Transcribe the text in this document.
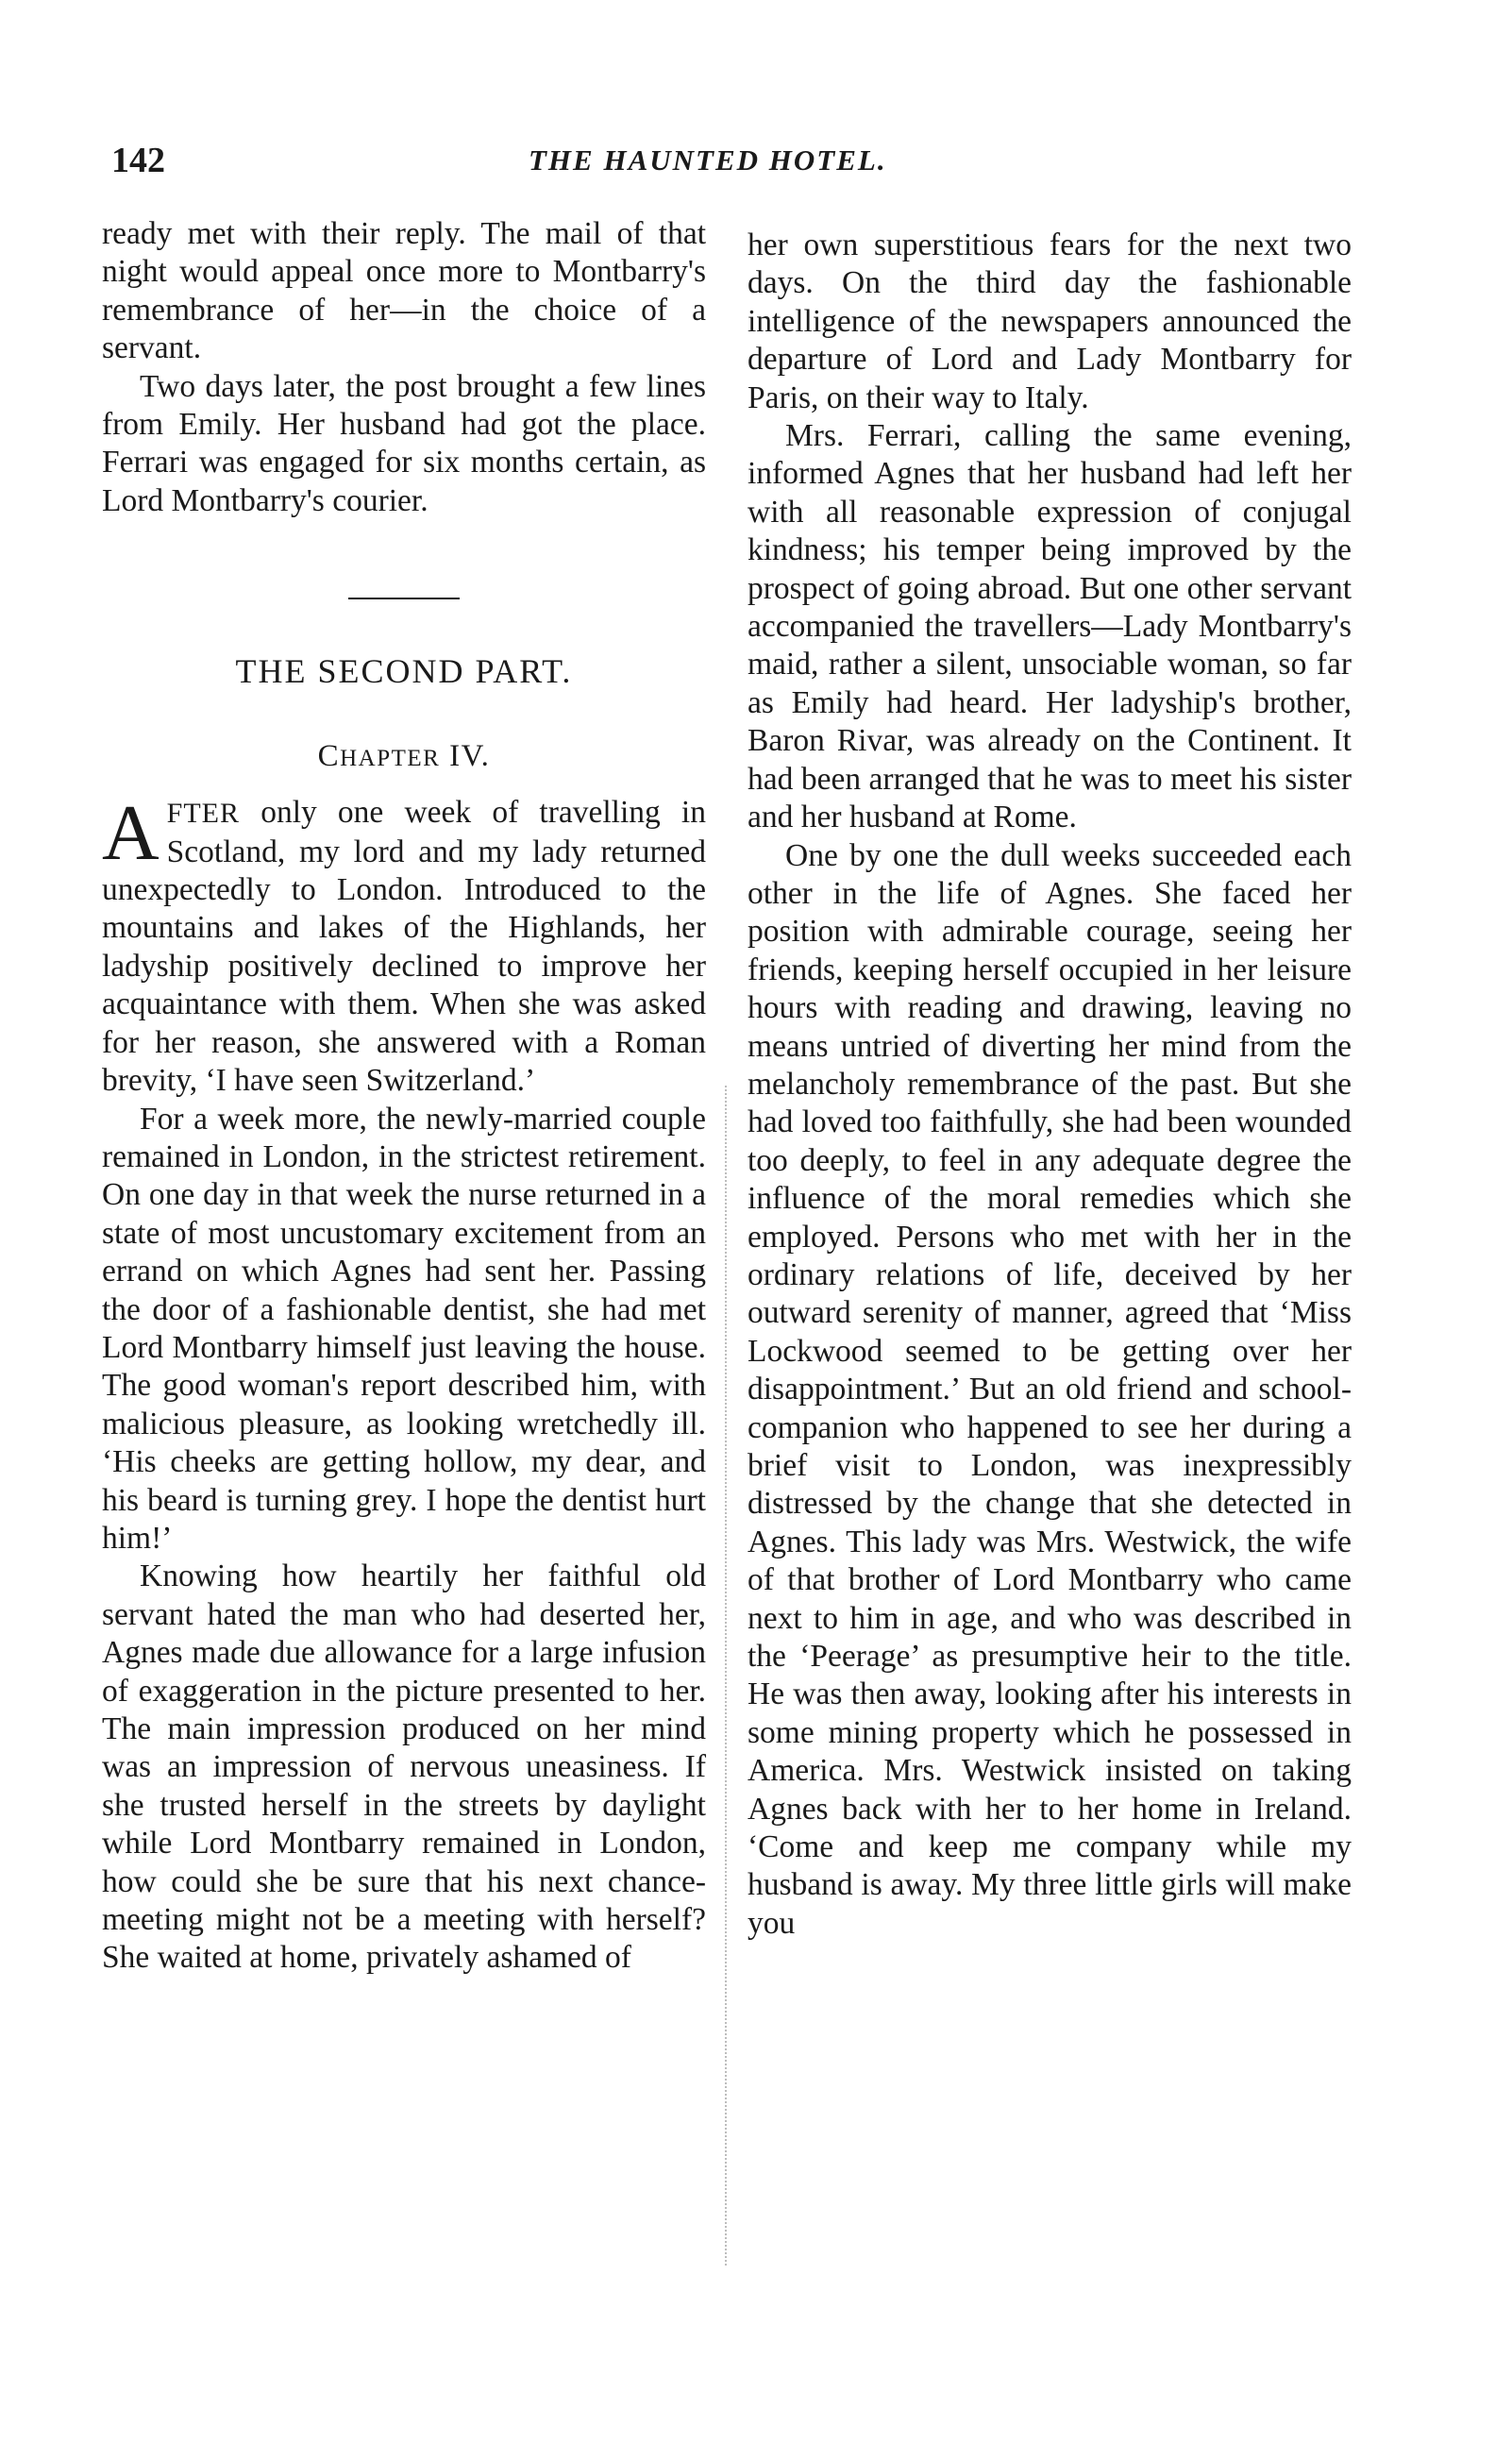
142	THE HAUNTED HOTEL.

ready met with their reply. The mail of that night would appeal once more to Montbarry's remembrance of her—in the choice of a servant.

Two days later, the post brought a few lines from Emily. Her husband had got the place. Ferrari was engaged for six months certain, as Lord Montbarry's courier.

THE SECOND PART.
CHAPTER IV.

AFTER only one week of travelling in Scotland, my lord and my lady returned unexpectedly to London. Introduced to the mountains and lakes of the Highlands, her ladyship positively declined to improve her acquaintance with them. When she was asked for her reason, she answered with a Roman brevity, ‘I have seen Switzerland.’

For a week more, the newly-married couple remained in London, in the strictest retirement. On one day in that week the nurse returned in a state of most uncustomary excitement from an errand on which Agnes had sent her. Passing the door of a fashionable dentist, she had met Lord Montbarry himself just leaving the house. The good woman's report described him, with malicious pleasure, as looking wretchedly ill. ‘His cheeks are getting hollow, my dear, and his beard is turning grey. I hope the dentist hurt him!’

Knowing how heartily her faithful old servant hated the man who had deserted her, Agnes made due allowance for a large infusion of exaggeration in the picture presented to her. The main impression produced on her mind was an impression of nervous uneasiness. If she trusted herself in the streets by daylight while Lord Montbarry remained in London, how could she be sure that his next chance-meeting might not be a meeting with herself? She waited at home, privately ashamed of

her own superstitious fears for the next two days. On the third day the fashionable intelligence of the newspapers announced the departure of Lord and Lady Montbarry for Paris, on their way to Italy.

Mrs. Ferrari, calling the same evening, informed Agnes that her husband had left her with all reasonable expression of conjugal kindness; his temper being improved by the prospect of going abroad. But one other servant accompanied the travellers—Lady Montbarry's maid, rather a silent, unsociable woman, so far as Emily had heard. Her ladyship's brother, Baron Rivar, was already on the Continent. It had been arranged that he was to meet his sister and her husband at Rome.

One by one the dull weeks succeeded each other in the life of Agnes. She faced her position with admirable courage, seeing her friends, keeping herself occupied in her leisure hours with reading and drawing, leaving no means untried of diverting her mind from the melancholy remembrance of the past. But she had loved too faithfully, she had been wounded too deeply, to feel in any adequate degree the influence of the moral remedies which she employed. Persons who met with her in the ordinary relations of life, deceived by her outward serenity of manner, agreed that ‘Miss Lockwood seemed to be getting over her disappointment.’ But an old friend and school-companion who happened to see her during a brief visit to London, was inexpressibly distressed by the change that she detected in Agnes. This lady was Mrs. Westwick, the wife of that brother of Lord Montbarry who came next to him in age, and who was described in the ‘Peerage’ as presumptive heir to the title. He was then away, looking after his interests in some mining property which he possessed in America. Mrs. Westwick insisted on taking Agnes back with her to her home in Ireland. ‘Come and keep me company while my husband is away. My three little girls will make you
